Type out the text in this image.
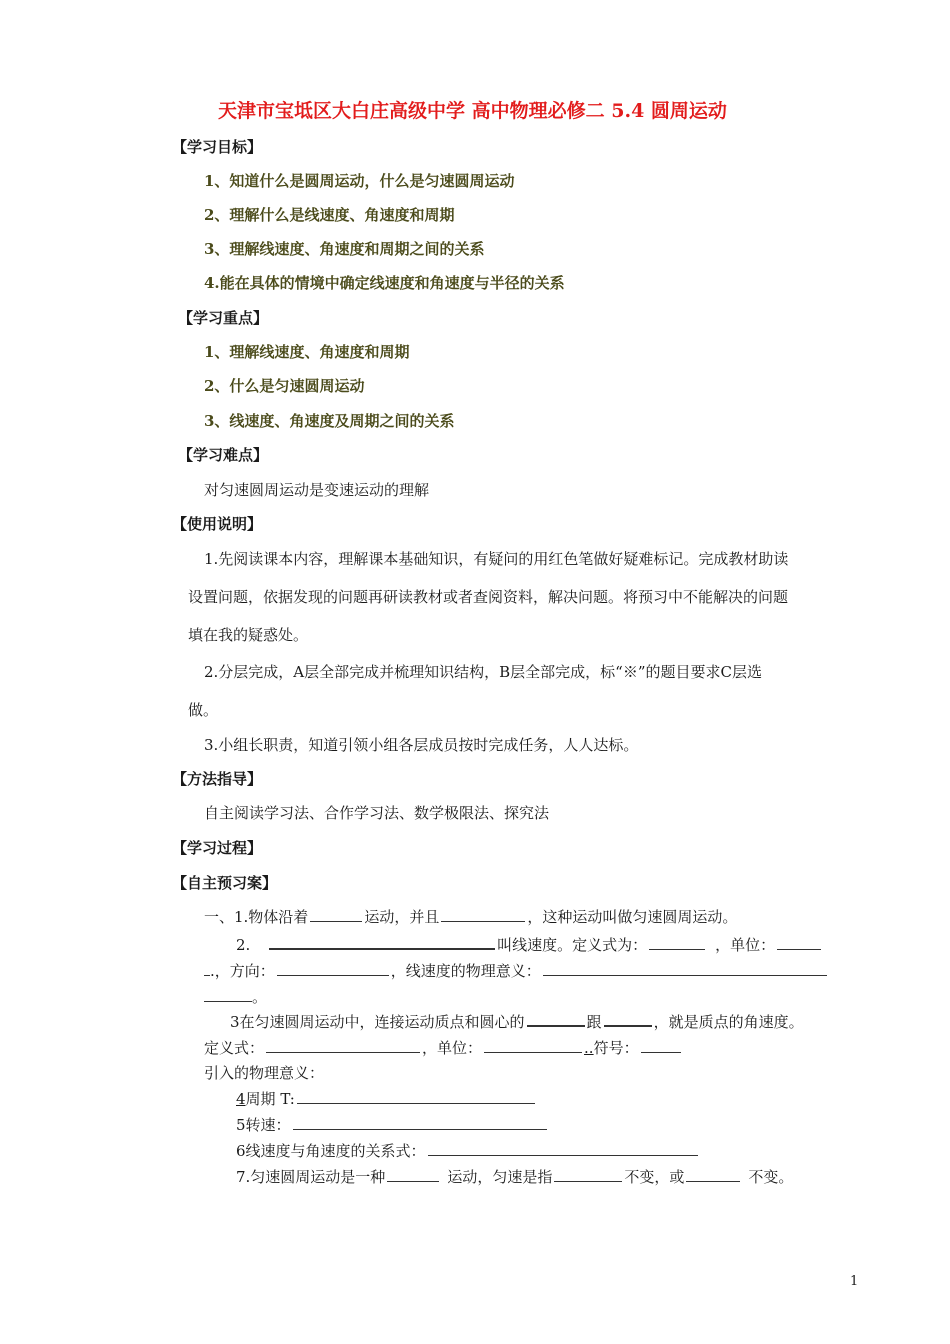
天津市宝坻区大白庄高级中学 高中物理必修二 5.4 圆周运动
【学习目标】
1、知道什么是圆周运动，什么是匀速圆周运动
2、理解什么是线速度、角速度和周期
3、理解线速度、角速度和周期之间的关系
4.能在具体的情境中确定线速度和角速度与半径的关系
【学习重点】
1、理解线速度、角速度和周期
2、什么是匀速圆周运动
3、线速度、角速度及周期之间的关系
【学习难点】
对匀速圆周运动是变速运动的理解
【使用说明】
1.先阅读课本内容，理解课本基础知识，有疑问的用红色笔做好疑难标记。完成教材助读
设置问题，依据发现的问题再研读教材或者查阅资料，解决问题。将预习中不能解决的问题
填在我的疑惑处。
2.分层完成，A层全部完成并梳理知识结构，B层全部完成，标“※”的题目要求C层选
做。
3.小组长职责，知道引领小组各层成员按时完成任务，人人达标。
【方法指导】
自主阅读学习法、合作学习法、数学极限法、探究法
【学习过程】
【自主预习案】
一、1.物体沿着	运动，并且	，这种运动叫做匀速圆周运动。
2.	叫线速度。定义式为：	，单位：
.，方向：	，线速度的物理意义：
。
3在匀速圆周运动中，连接运动质点和圆心的	跟	，就是质点的角速度。
定义式：	，单位：	..符号：
引入的物理意义：
4周期 T:
5转速：
6线速度与角速度的关系式：
7.匀速圆周运动是一种	运动，匀速是指	不变，或	不变。
1
